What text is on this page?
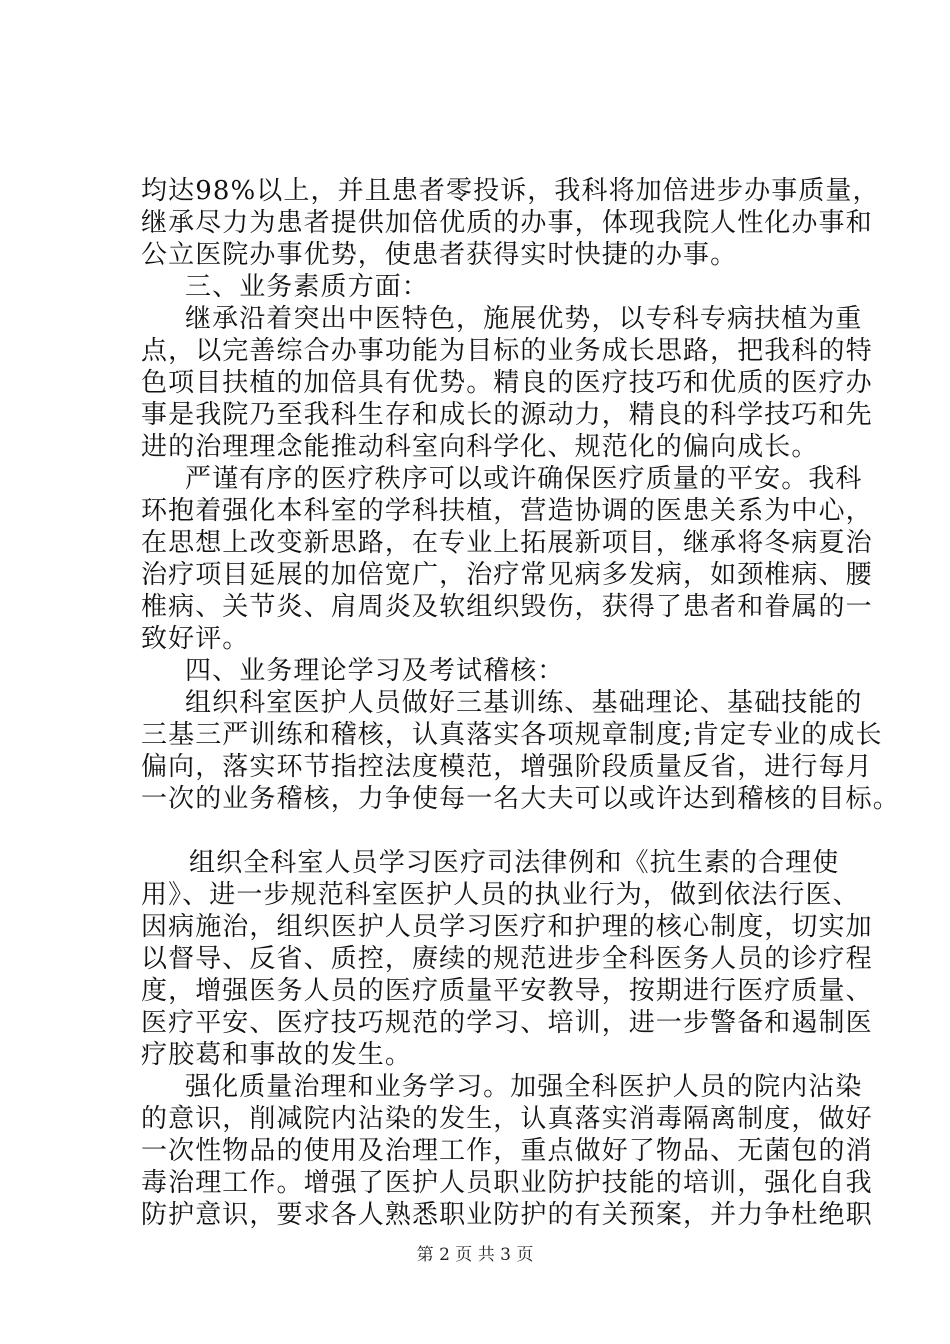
均达98%以上，并且患者零投诉，我科将加倍进步办事质量，
继承尽力为患者提供加倍优质的办事，体现我院人性化办事和
公立医院办事优势，使患者获得实时快捷的办事。
三、业务素质方面：
继承沿着突出中医特色，施展优势，以专科专病扶植为重
点，以完善综合办事功能为目标的业务成长思路，把我科的特
色项目扶植的加倍具有优势。精良的医疗技巧和优质的医疗办
事是我院乃至我科生存和成长的源动力，精良的科学技巧和先
进的治理理念能推动科室向科学化、规范化的偏向成长。
严谨有序的医疗秩序可以或许确保医疗质量的平安。我科
环抱着强化本科室的学科扶植，营造协调的医患关系为中心，
在思想上改变新思路，在专业上拓展新项目，继承将冬病夏治
治疗项目延展的加倍宽广，治疗常见病多发病，如颈椎病、腰
椎病、关节炎、肩周炎及软组织毁伤，获得了患者和眷属的一
致好评。
四、业务理论学习及考试稽核：
组织科室医护人员做好三基训练、基础理论、基础技能的
三基三严训练和稽核，认真落实各项规章制度;肯定专业的成长
偏向，落实环节指控法度模范，增强阶段质量反省，进行每月
一次的业务稽核，力争使每一名大夫可以或许达到稽核的目标。
组织全科室人员学习医疗司法律例和《抗生素的合理使
用》、进一步规范科室医护人员的执业行为，做到依法行医、
因病施治，组织医护人员学习医疗和护理的核心制度，切实加
以督导、反省、质控，赓续的规范进步全科医务人员的诊疗程
度，增强医务人员的医疗质量平安教导，按期进行医疗质量、
医疗平安、医疗技巧规范的学习、培训，进一步警备和遏制医
疗胶葛和事故的发生。
强化质量治理和业务学习。加强全科医护人员的院内沾染
的意识，削减院内沾染的发生，认真落实消毒隔离制度，做好
一次性物品的使用及治理工作，重点做好了物品、无菌包的消
毒治理工作。增强了医护人员职业防护技能的培训，强化自我
防护意识，要求各人熟悉职业防护的有关预案，并力争杜绝职
第 2 页 共 3 页
